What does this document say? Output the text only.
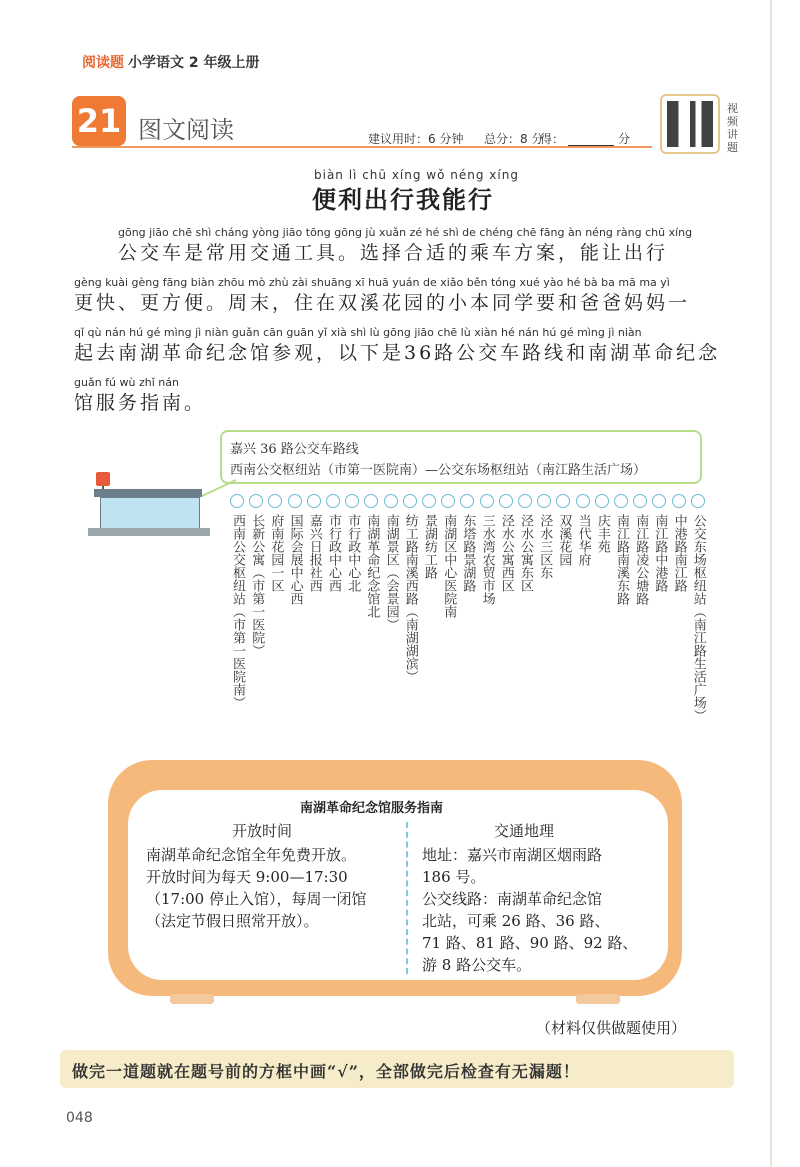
阅读题 小学语文 2 年级上册
21 图文阅读	建议用时：6 分钟 总分：8 分
得：	分
视频讲题
biàn lì chū xíng wǒ néng xíng
便利出行我能行
gōng jiāo chē shì cháng yòng jiāo tōng gōng jù xuǎn zé hé shì de chéng chē fāng àn néng ràng chū xíng
　公交车是常用交通工具。选择合适的乘车方案，能让出行
gèng kuài gèng fāng biàn zhōu mò zhù zài shuāng xī huā yuán de xiǎo běn tóng xué yào hé bà ba mā ma yì
更快、更方便。周末，住在双溪花园的小本同学要和爸爸妈妈一
qǐ qù nán hú gé mìng jì niàn guǎn cān guān yǐ xià shì lù gōng jiāo chē lù xiàn hé nán hú gé mìng jì niàn
起去南湖革命纪念馆参观，以下是36路公交车路线和南湖革命纪念
guǎn fú wù zhǐ nán
馆服务指南。
嘉兴 36 路公交车路线
西南公交枢纽站（市第一医院南）—公交东场枢纽站（南江路生活广场）
西南公交枢纽站（市第一医院南） 长新公寓（市第一医院） 府南花园一区 国际会展中心西 嘉兴日报社西 市行政中心西 市行政中心北 南湖革命纪念馆北 南湖景区（会景园） 纺工路南溪西路（南湖湖滨） 景湖纺工路 南湖区中心医院南 东塔路景湖路 三水湾农贸市场 泾水公寓西区 泾水公寓东区 泾水三区东 双溪花园 当代华府 庆丰苑 南江路南溪东路 南江路凌公塘路 南江路中港路 中港路南江路 公交东场枢纽站（南江路生活广场）
南湖革命纪念馆服务指南
开放时间
南湖革命纪念馆全年免费开放。
开放时间为每天 9:00—17:30
（17:00 停止入馆），每周一闭馆
（法定节假日照常开放）。
交通地理
地址：嘉兴市南湖区烟雨路
186 号。
公交线路：南湖革命纪念馆
北站，可乘 26 路、36 路、
71 路、81 路、90 路、92 路、
游 8 路公交车。
（材料仅供做题使用）
做完一道题就在题号前的方框中画“√”，全部做完后检查有无漏题！
048
